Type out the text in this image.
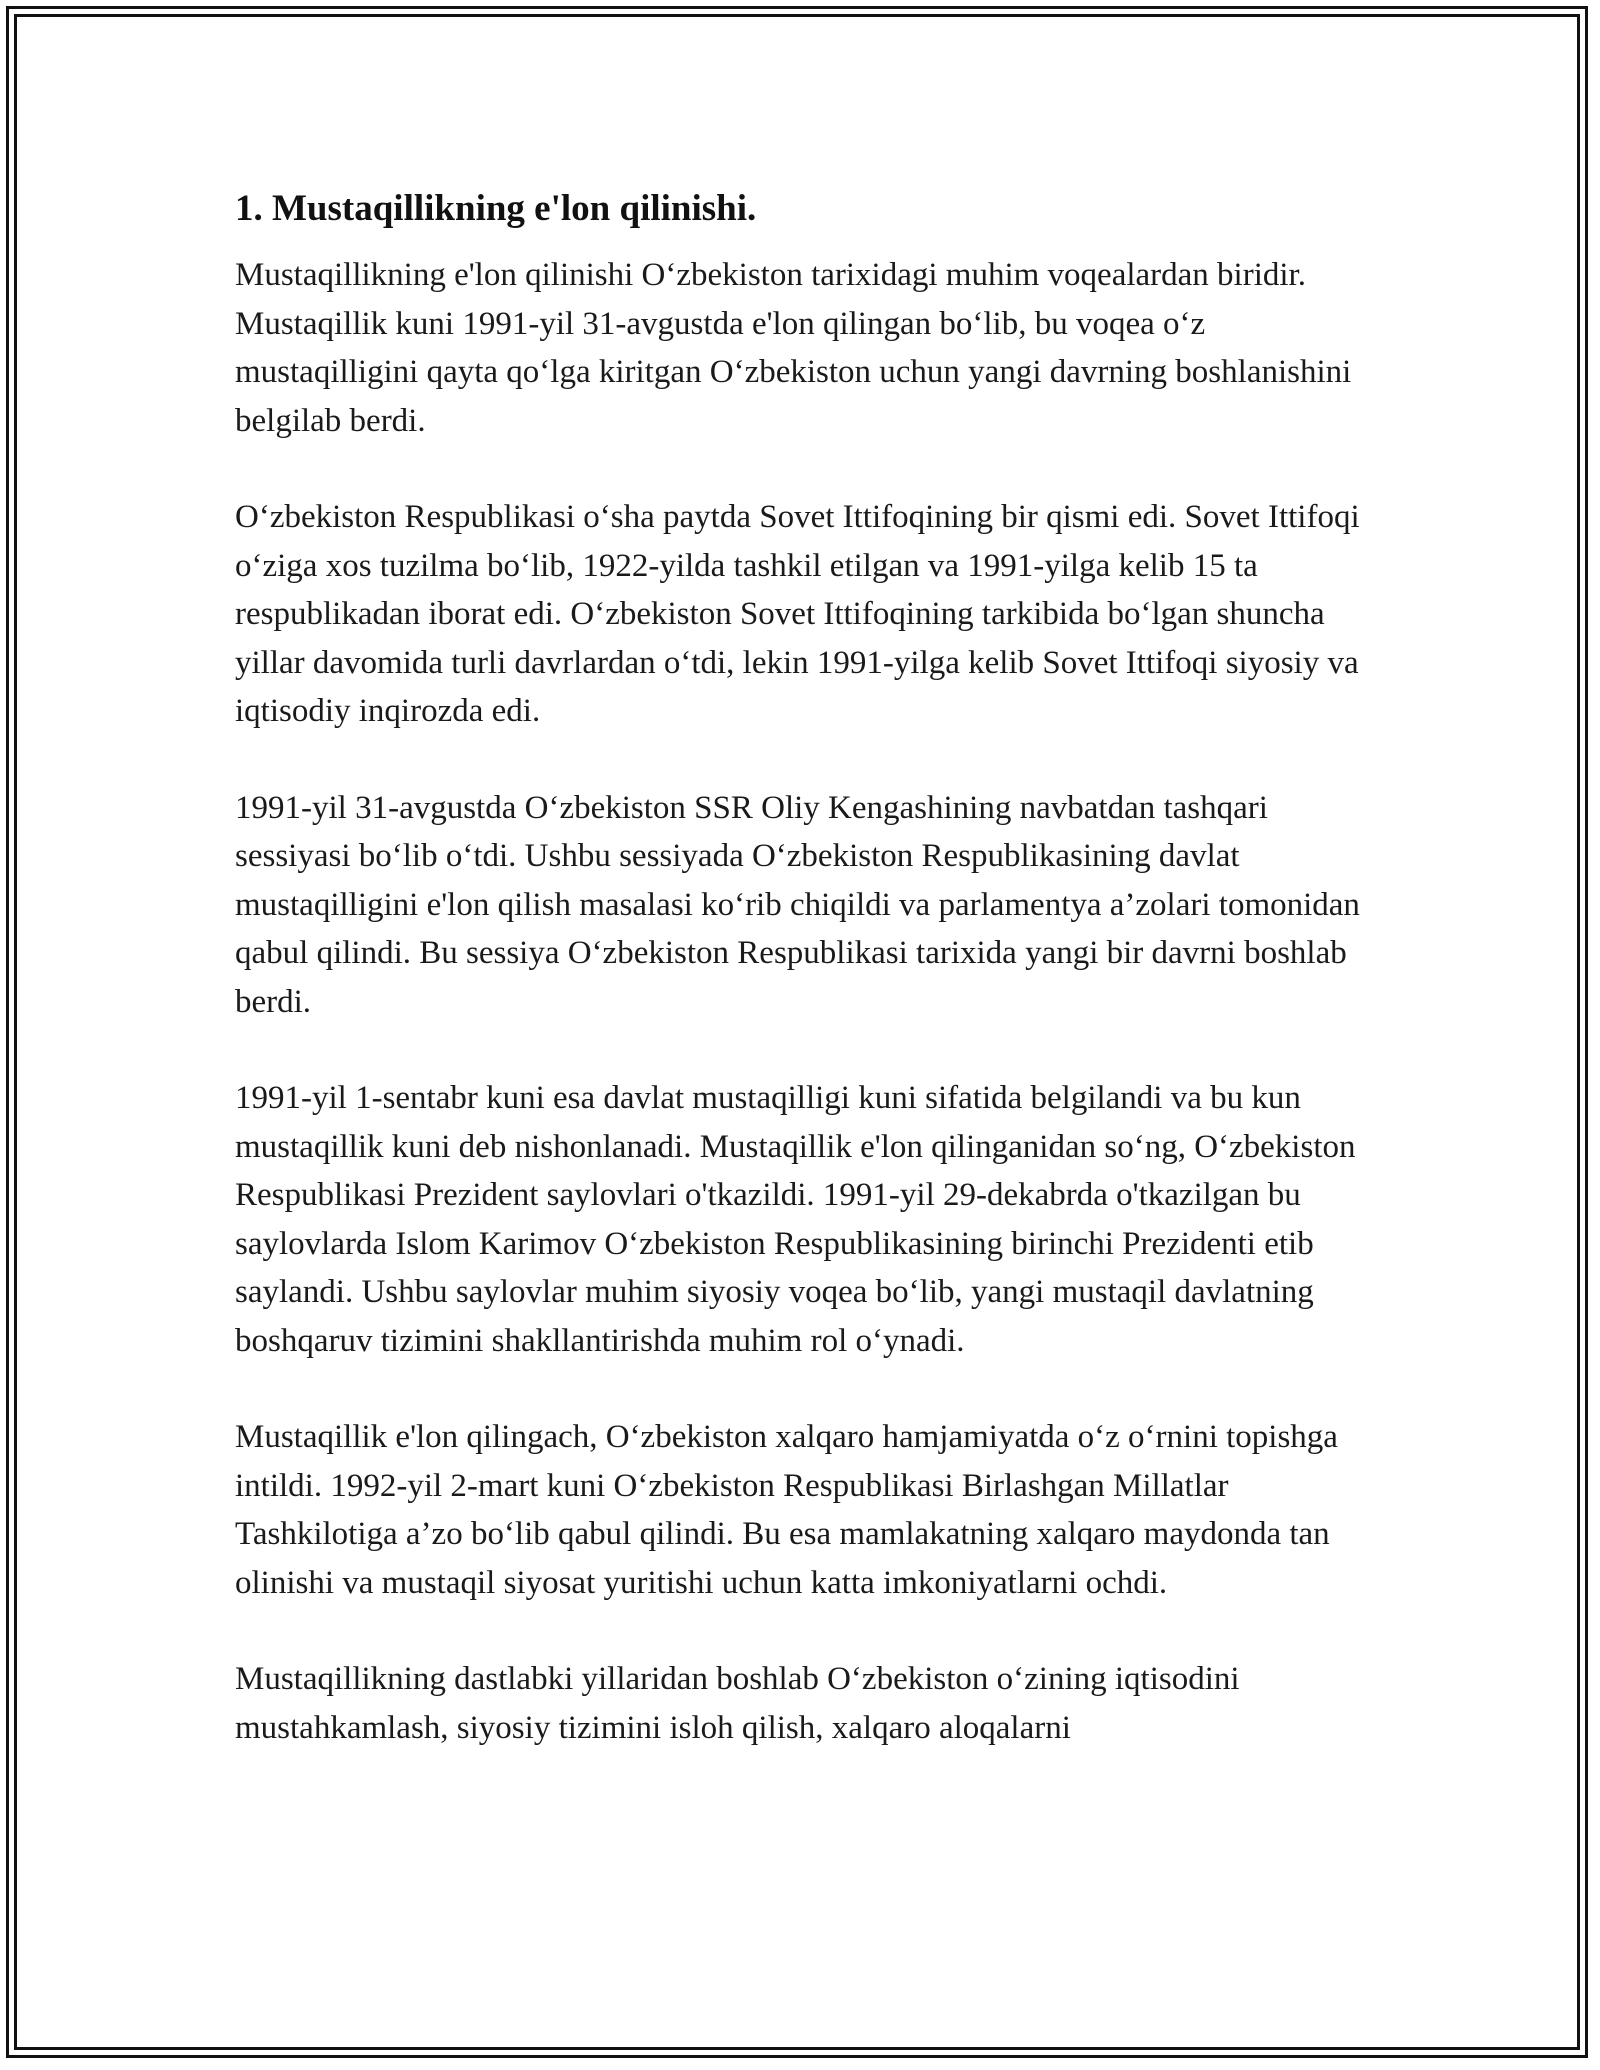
1. Mustaqillikning e'lon qilinishi.

Mustaqillikning e'lon qilinishi O‘zbekiston tarixidagi muhim voqealardan biridir. Mustaqillik kuni 1991-yil 31-avgustda e'lon qilingan bo‘lib, bu voqea o‘z mustaqilligini qayta qo‘lga kiritgan O‘zbekiston uchun yangi davrning boshlanishini belgilab berdi.

O‘zbekiston Respublikasi o‘sha paytda Sovet Ittifoqining bir qismi edi. Sovet Ittifoqi o‘ziga xos tuzilma bo‘lib, 1922-yilda tashkil etilgan va 1991-yilga kelib 15 ta respublikadan iborat edi. O‘zbekiston Sovet Ittifoqining tarkibida bo‘lgan shuncha yillar davomida turli davrlardan o‘tdi, lekin 1991-yilga kelib Sovet Ittifoqi siyosiy va iqtisodiy inqirozda edi.

1991-yil 31-avgustda O‘zbekiston SSR Oliy Kengashining navbatdan tashqari sessiyasi bo‘lib o‘tdi. Ushbu sessiyada O‘zbekiston Respublikasining davlat mustaqilligini e'lon qilish masalasi ko‘rib chiqildi va parlamentya a’zolari tomonidan qabul qilindi. Bu sessiya O‘zbekiston Respublikasi tarixida yangi bir davrni boshlab berdi.

1991-yil 1-sentabr kuni esa davlat mustaqilligi kuni sifatida belgilandi va bu kun mustaqillik kuni deb nishonlanadi. Mustaqillik e'lon qilinganidan so‘ng, O‘zbekiston Respublikasi Prezident saylovlari o'tkazildi. 1991-yil 29-dekabrda o'tkazilgan bu saylovlarda Islom Karimov O‘zbekiston Respublikasining birinchi Prezidenti etib saylandi. Ushbu saylovlar muhim siyosiy voqea bo‘lib, yangi mustaqil davlatning boshqaruv tizimini shakllantirishda muhim rol o‘ynadi.

Mustaqillik e'lon qilingach, O‘zbekiston xalqaro hamjamiyatda o‘z o‘rnini topishga intildi. 1992-yil 2-mart kuni O‘zbekiston Respublikasi Birlashgan Millatlar Tashkilotiga a’zo bo‘lib qabul qilindi. Bu esa mamlakatning xalqaro maydonda tan olinishi va mustaqil siyosat yuritishi uchun katta imkoniyatlarni ochdi.

Mustaqillikning dastlabki yillaridan boshlab O‘zbekiston o‘zining iqtisodini mustahkamlash, siyosiy tizimini isloh qilish, xalqaro aloqalarni
